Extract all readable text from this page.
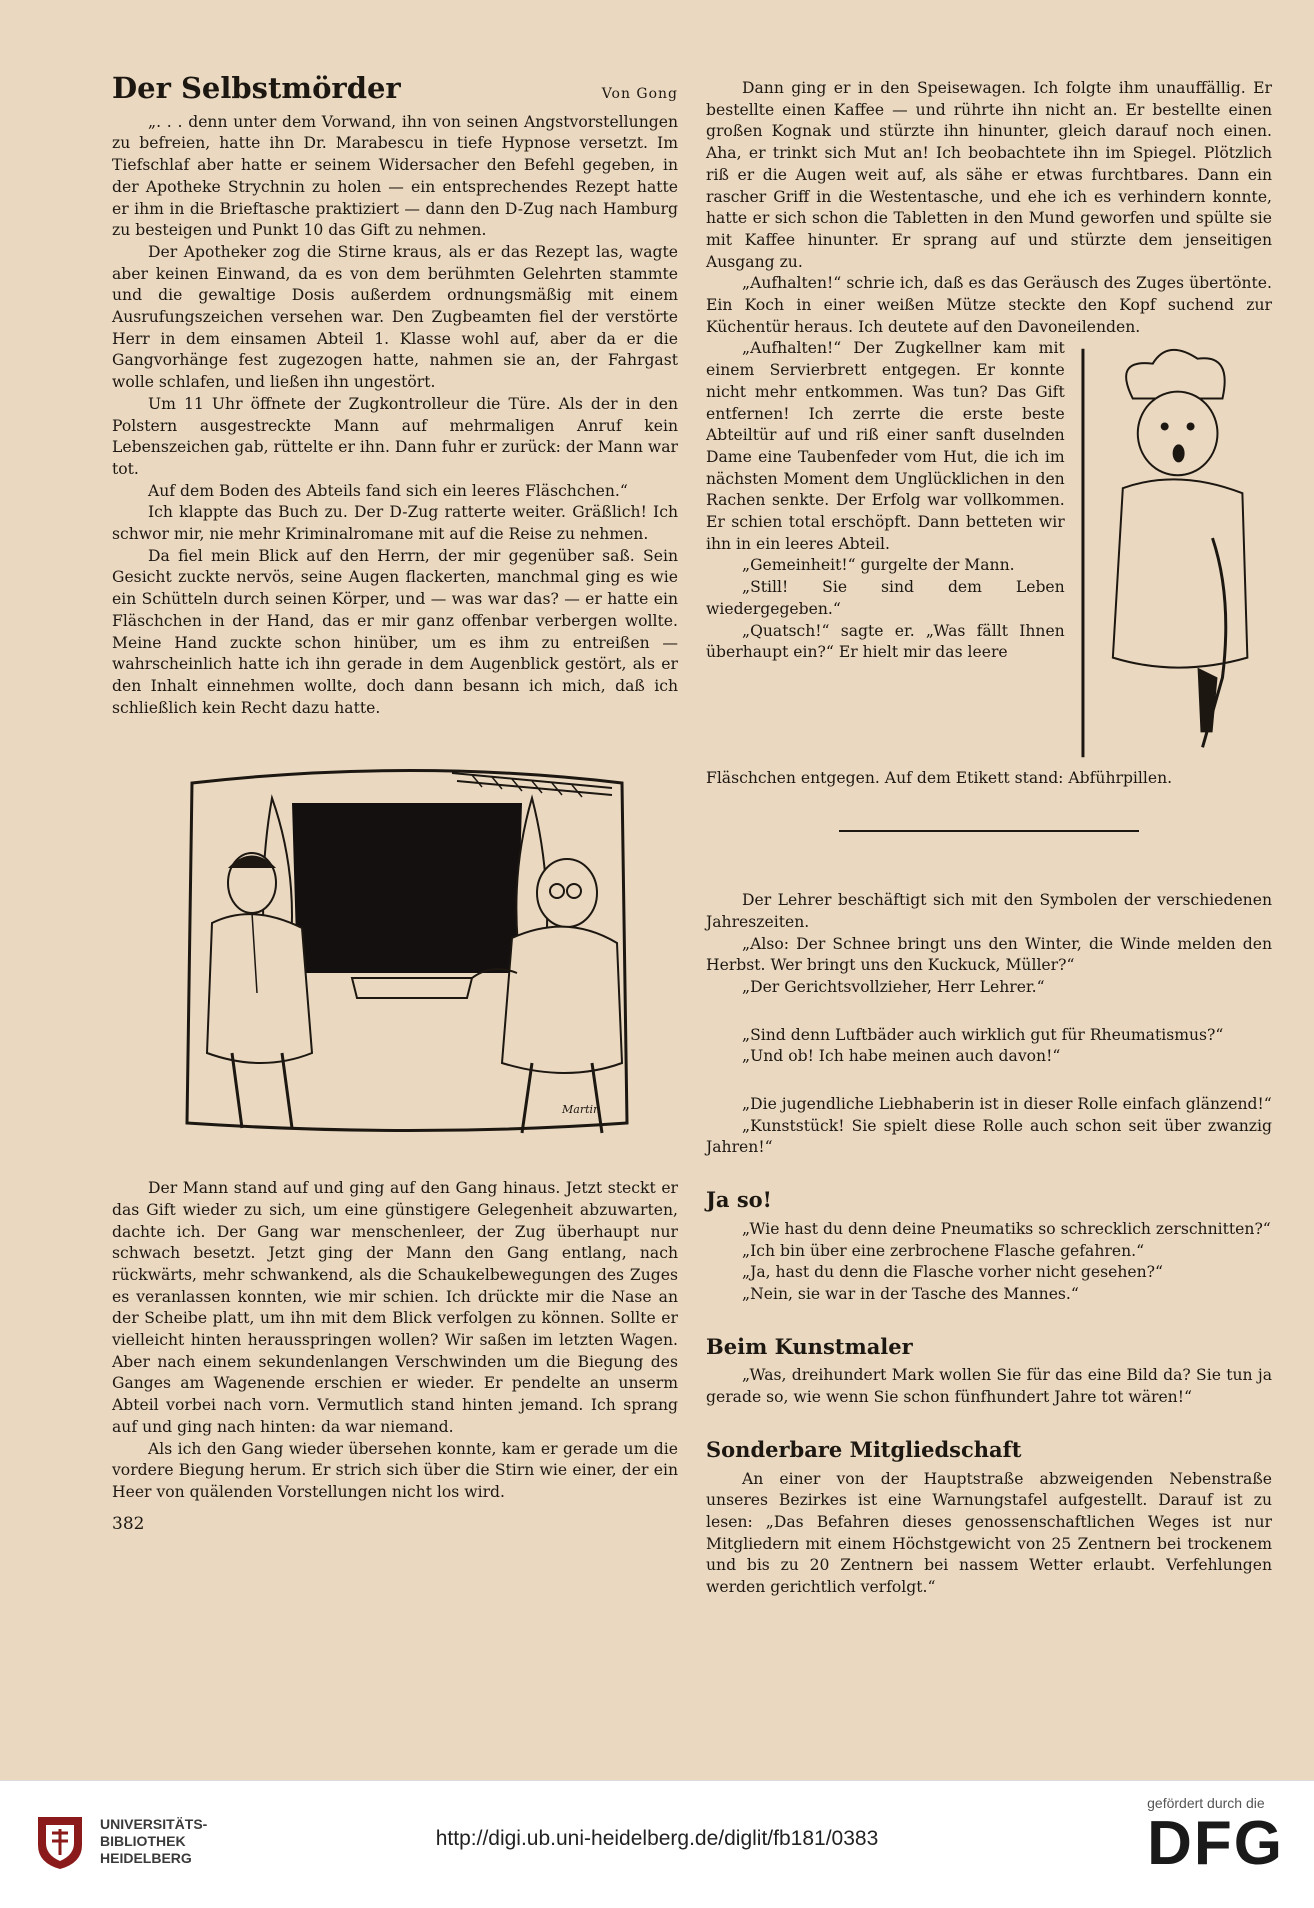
Der Selbstmörder	Von Gong

„. . . denn unter dem Vorwand, ihn von seinen Angstvorstellungen zu befreien, hatte ihn Dr. Marabescu in tiefe Hypnose versetzt. Im Tiefschlaf aber hatte er seinem Widersacher den Befehl gegeben, in der Apotheke Strychnin zu holen — ein entsprechendes Rezept hatte er ihm in die Brieftasche praktiziert — dann den D-Zug nach Hamburg zu besteigen und Punkt 10 das Gift zu nehmen.

Der Apotheker zog die Stirne kraus, als er das Rezept las, wagte aber keinen Einwand, da es von dem berühmten Gelehrten stammte und die gewaltige Dosis außerdem ordnungsmäßig mit einem Ausrufungszeichen versehen war. Den Zugbeamten fiel der verstörte Herr in dem einsamen Abteil 1. Klasse wohl auf, aber da er die Gangvorhänge fest zugezogen hatte, nahmen sie an, der Fahrgast wolle schlafen, und ließen ihn ungestört.

Um 11 Uhr öffnete der Zugkontrolleur die Türe. Als der in den Polstern ausgestreckte Mann auf mehrmaligen Anruf kein Lebenszeichen gab, rüttelte er ihn. Dann fuhr er zurück: der Mann war tot.

Auf dem Boden des Abteils fand sich ein leeres Fläschchen.“

Ich klappte das Buch zu. Der D-Zug ratterte weiter. Gräßlich! Ich schwor mir, nie mehr Kriminalromane mit auf die Reise zu nehmen.

Da fiel mein Blick auf den Herrn, der mir gegenüber saß. Sein Gesicht zuckte nervös, seine Augen flackerten, manchmal ging es wie ein Schütteln durch seinen Körper, und — was war das? — er hatte ein Fläschchen in der Hand, das er mir ganz offenbar verbergen wollte. Meine Hand zuckte schon hinüber, um es ihm zu entreißen — wahrscheinlich hatte ich ihn gerade in dem Augenblick gestört, als er den Inhalt einnehmen wollte, doch dann besann ich mich, daß ich schließlich kein Recht dazu hatte.

Martin

Der Mann stand auf und ging auf den Gang hinaus. Jetzt steckt er das Gift wieder zu sich, um eine günstigere Gelegenheit abzuwarten, dachte ich. Der Gang war menschenleer, der Zug überhaupt nur schwach besetzt. Jetzt ging der Mann den Gang entlang, nach rückwärts, mehr schwankend, als die Schaukelbewegungen des Zuges es veranlassen konnten, wie mir schien. Ich drückte mir die Nase an der Scheibe platt, um ihn mit dem Blick verfolgen zu können. Sollte er vielleicht hinten herausspringen wollen? Wir saßen im letzten Wagen. Aber nach einem sekundenlangen Verschwinden um die Biegung des Ganges am Wagenende erschien er wieder. Er pendelte an unserm Abteil vorbei nach vorn. Vermutlich stand hinten jemand. Ich sprang auf und ging nach hinten: da war niemand.

Als ich den Gang wieder übersehen konnte, kam er gerade um die vordere Biegung herum. Er strich sich über die Stirn wie einer, der ein Heer von quälenden Vorstellungen nicht los wird.

382

Dann ging er in den Speisewagen. Ich folgte ihm unauffällig. Er bestellte einen Kaffee — und rührte ihn nicht an. Er bestellte einen großen Kognak und stürzte ihn hinunter, gleich darauf noch einen. Aha, er trinkt sich Mut an! Ich beobachtete ihn im Spiegel. Plötzlich riß er die Augen weit auf, als sähe er etwas furchtbares. Dann ein rascher Griff in die Westentasche, und ehe ich es verhindern konnte, hatte er sich schon die Tabletten in den Mund geworfen und spülte sie mit Kaffee hinunter. Er sprang auf und stürzte dem jenseitigen Ausgang zu.

„Aufhalten!“ schrie ich, daß es das Geräusch des Zuges übertönte. Ein Koch in einer weißen Mütze steckte den Kopf suchend zur Küchentür heraus. Ich deutete auf den Davoneilenden.

„Aufhalten!“ Der Zugkellner kam mit einem Servierbrett entgegen. Er konnte nicht mehr entkommen. Was tun? Das Gift entfernen! Ich zerrte die erste beste Abteiltür auf und riß einer sanft duselnden Dame eine Taubenfeder vom Hut, die ich im nächsten Moment dem Unglücklichen in den Rachen senkte. Der Erfolg war vollkommen. Er schien total erschöpft. Dann betteten wir ihn in ein leeres Abteil.

„Gemeinheit!“ gurgelte der Mann.

„Still! Sie sind dem Leben wiedergegeben.“

„Quatsch!“ sagte er. „Was fällt Ihnen überhaupt ein?“ Er hielt mir das leere

Fläschchen entgegen. Auf dem Etikett stand: Abführpillen.

Der Lehrer beschäftigt sich mit den Symbolen der verschiedenen Jahreszeiten.

„Also: Der Schnee bringt uns den Winter, die Winde melden den Herbst. Wer bringt uns den Kuckuck, Müller?“

„Der Gerichtsvollzieher, Herr Lehrer.“

„Sind denn Luftbäder auch wirklich gut für Rheumatismus?“

„Und ob! Ich habe meinen auch davon!“

„Die jugendliche Liebhaberin ist in dieser Rolle einfach glänzend!“

„Kunststück! Sie spielt diese Rolle auch schon seit über zwanzig Jahren!“

Ja so!

„Wie hast du denn deine Pneumatiks so schrecklich zerschnitten?“

„Ich bin über eine zerbrochene Flasche gefahren.“

„Ja, hast du denn die Flasche vorher nicht gesehen?“

„Nein, sie war in der Tasche des Mannes.“

Beim Kunstmaler

„Was, dreihundert Mark wollen Sie für das eine Bild da? Sie tun ja gerade so, wie wenn Sie schon fünfhundert Jahre tot wären!“

Sonderbare Mitgliedschaft

An einer von der Hauptstraße abzweigenden Nebenstraße unseres Bezirkes ist eine Warnungstafel aufgestellt. Darauf ist zu lesen: „Das Befahren dieses genossenschaftlichen Weges ist nur Mitgliedern mit einem Höchstgewicht von 25 Zentnern bei trockenem und bis zu 20 Zentnern bei nassem Wetter erlaubt. Verfehlungen werden gerichtlich verfolgt.“

UNIVERSITÄTS-
BIBLIOTHEK
HEIDELBERG
http://digi.ub.uni-heidelberg.de/diglit/fb181/0383
gefördert durch die
DFG
